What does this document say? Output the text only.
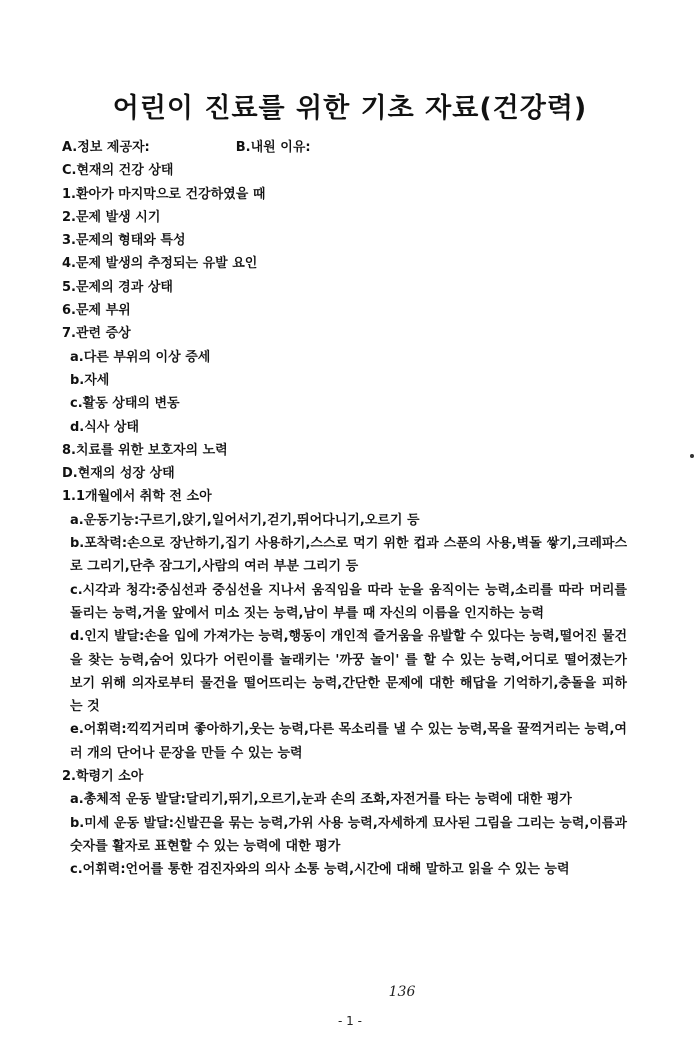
어린이 진료를 위한 기초 자료(건강력)
A.정보 제공자:	B.내원 이유:
C.현재의 건강 상태
1.환아가 마지막으로 건강하였을 때
2.문제 발생 시기
3.문제의 형태와 특성
4.문제 발생의 추정되는 유발 요인
5.문제의 경과 상태
6.문제 부위
7.관련 증상
a.다른 부위의 이상 증세
b.자세
c.활동 상태의 변동
d.식사 상태
8.치료를 위한 보호자의 노력
D.현재의 성장 상태
1.1개월에서 취학 전 소아
a.운동기능:구르기,앉기,일어서기,걷기,뛰어다니기,오르기 등
b.포착력:손으로 장난하기,집기 사용하기,스스로 먹기 위한 컵과 스푼의 사용,벽돌 쌓기,크레파스로 그리기,단추 잠그기,사람의 여러 부분 그리기 등
c.시각과 청각:중심선과 중심선을 지나서 움직임을 따라 눈을 움직이는 능력,소리를 따라 머리를 돌리는 능력,거울 앞에서 미소 짓는 능력,남이 부를 때 자신의 이름을 인지하는 능력
d.인지 발달:손을 입에 가져가는 능력,행동이 개인적 즐거움을 유발할 수 있다는 능력,떨어진 물건을 찾는 능력,숨어 있다가 어린이를 놀래키는 '까꿍 놀이' 를 할 수 있는 능력,어디로 떨어졌는가 보기 위해 의자로부터 물건을 떨어뜨리는 능력,간단한 문제에 대한 해답을 기억하기,충돌을 피하는 것
e.어휘력:끽끽거리며 좋아하기,웃는 능력,다른 목소리를 낼 수 있는 능력,목을 꿀꺽거리는 능력,여러 개의 단어나 문장을 만들 수 있는 능력
2.학령기 소아
a.총체적 운동 발달:달리기,뛰기,오르기,눈과 손의 조화,자전거를 타는 능력에 대한 평가
b.미세 운동 발달:신발끈을 묶는 능력,가위 사용 능력,자세하게 묘사된 그림을 그리는 능력,이름과 숫자를 활자로 표현할 수 있는 능력에 대한 평가
c.어휘력:언어를 통한 검진자와의 의사 소통 능력,시간에 대해 말하고 읽을 수 있는 능력
136
- 1 -
